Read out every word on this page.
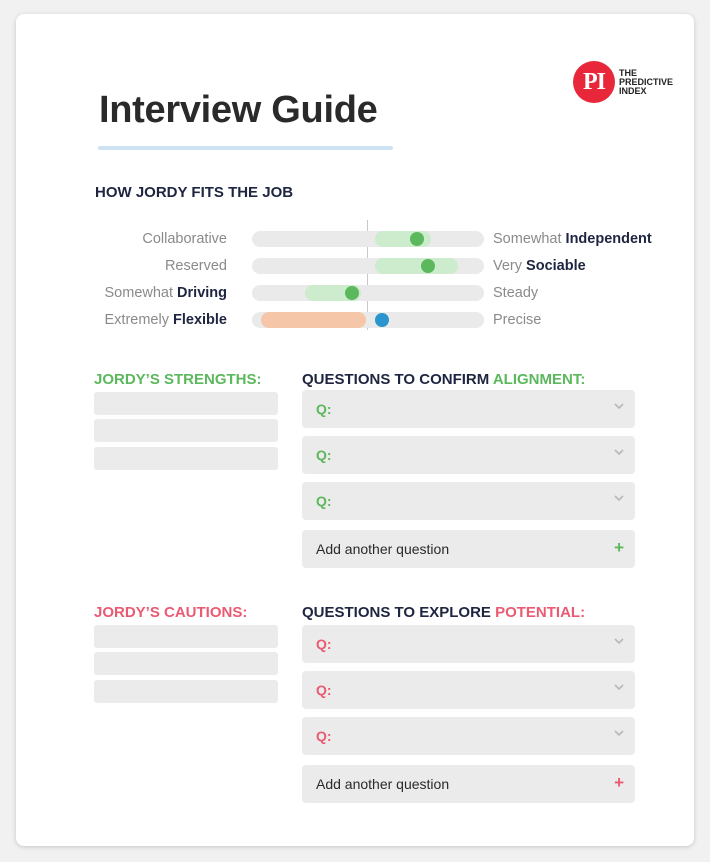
PI	THE
PREDICTIVE
INDEX
Interview Guide
HOW JORDY FITS THE JOB
Collaborative	Somewhat Independent
Reserved	Very Sociable
Somewhat Driving	Steady
Extremely Flexible	Precise
JORDY’S STRENGTHS:	QUESTIONS TO CONFIRM ALIGNMENT:
Q:
Q:
Q:
Add another question	+
JORDY’S CAUTIONS:	QUESTIONS TO EXPLORE POTENTIAL:
Q:
Q:
Q:
Add another question	+
